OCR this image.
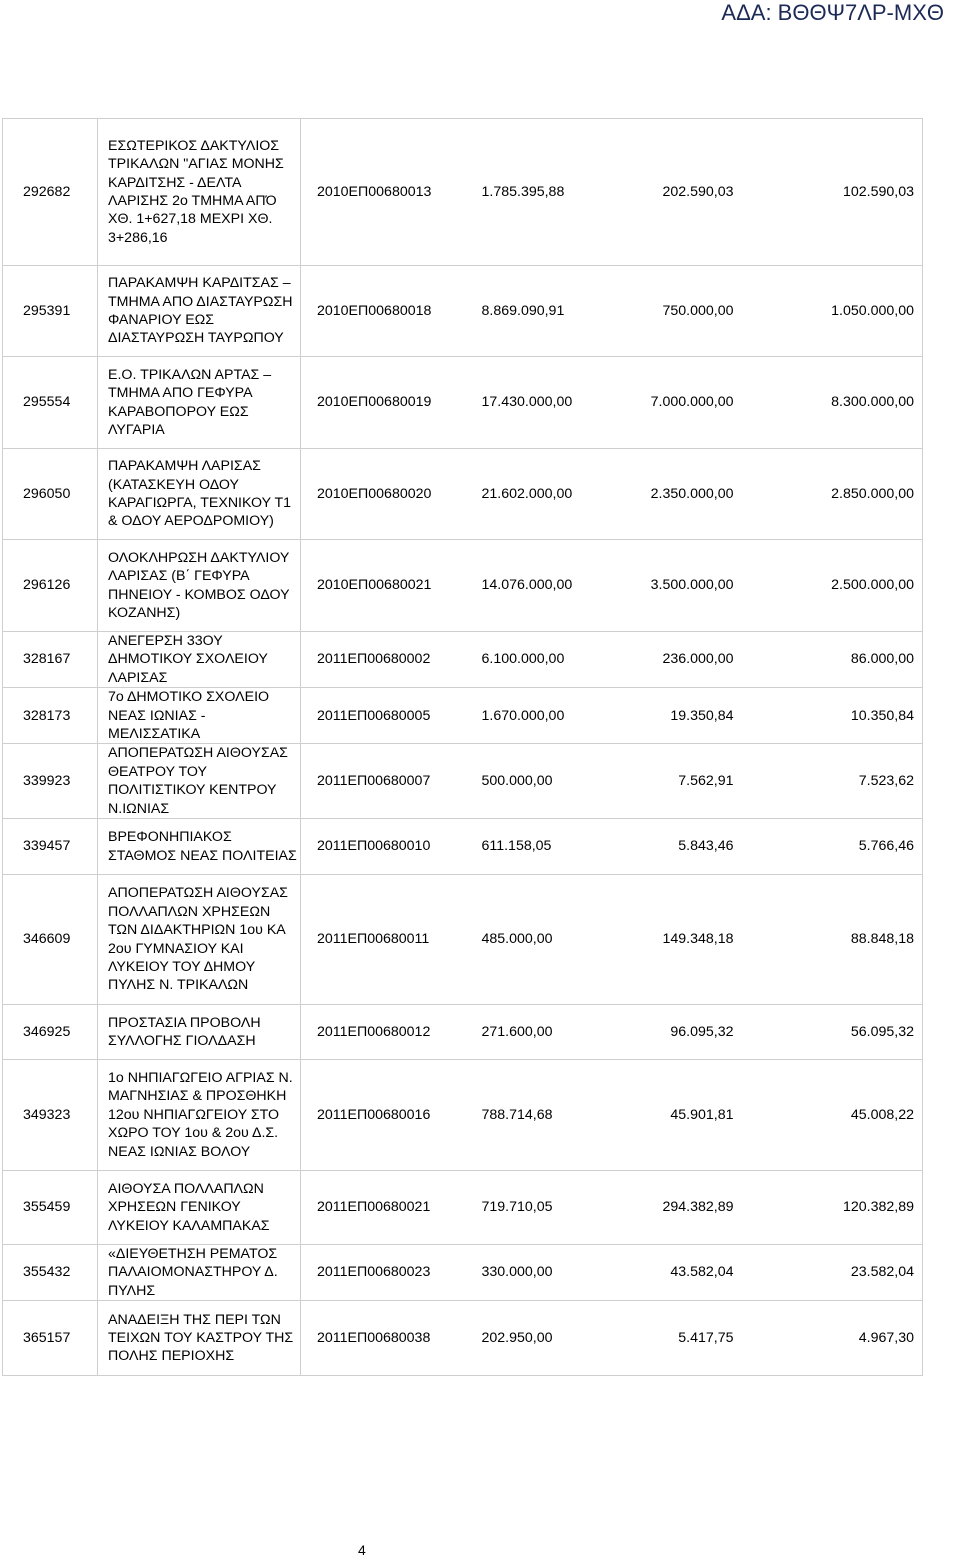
ΑΔΑ: ΒΘΘΨ7ΛΡ-ΜΧΘ
292682	ΕΣΩΤΕΡΙΚΟΣ ΔΑΚΤΥΛΙΟΣ ΤΡΙΚΑΛΩΝ "ΑΓΙΑΣ ΜΟΝΗΣ ΚΑΡΔΙΤΣΗΣ - ΔΕΛΤΑ ΛΑΡΙΣΗΣ 2ο ΤΜΗΜΑ ΑΠΌ ΧΘ. 1+627,18 ΜΕΧΡΙ ΧΘ. 3+286,16	2010ΕΠ00680013	1.785.395,88	202.590,03	102.590,03
295391	ΠΑΡΑΚΑΜΨΗ ΚΑΡΔΙΤΣΑΣ – ΤΜΗΜΑ ΑΠΟ ΔΙΑΣΤΑΥΡΩΣΗ ΦΑΝΑΡΙΟΥ ΕΩΣ ΔΙΑΣΤΑΥΡΩΣΗ ΤΑΥΡΩΠΟΥ	2010ΕΠ00680018	8.869.090,91	750.000,00	1.050.000,00
295554	Ε.Ο. ΤΡΙΚΑΛΩΝ ΑΡΤΑΣ – ΤΜΗΜΑ ΑΠΟ ΓΕΦΥΡΑ ΚΑΡΑΒΟΠΟΡΟΥ ΕΩΣ ΛΥΓΑΡΙΑ	2010ΕΠ00680019	17.430.000,00	7.000.000,00	8.300.000,00
296050	ΠΑΡΑΚΑΜΨΗ ΛΑΡΙΣΑΣ (ΚΑΤΑΣΚΕΥΗ ΟΔΟΥ ΚΑΡΑΓΙΩΡΓΑ, ΤΕΧΝΙΚΟΥ Τ1 & ΟΔΟΥ ΑΕΡΟΔΡΟΜΙΟΥ)	2010ΕΠ00680020	21.602.000,00	2.350.000,00	2.850.000,00
296126	ΟΛΟΚΛΗΡΩΣΗ ΔΑΚΤΥΛΙΟΥ ΛΑΡΙΣΑΣ (Β΄ ΓΕΦΥΡΑ ΠΗΝΕΙΟΥ - ΚΟΜΒΟΣ ΟΔΟΥ ΚΟΖΑΝΗΣ)	2010ΕΠ00680021	14.076.000,00	3.500.000,00	2.500.000,00
328167	ΑΝΕΓΕΡΣΗ 33ΟΥ ΔΗΜΟΤΙΚΟΥ ΣΧΟΛΕΙΟΥ ΛΑΡΙΣΑΣ	2011ΕΠ00680002	6.100.000,00	236.000,00	86.000,00
328173	7ο ΔΗΜΟΤΙΚΟ ΣΧΟΛΕΙΟ ΝΕΑΣ ΙΩΝΙΑΣ - ΜΕΛΙΣΣΑΤΙΚΑ	2011ΕΠ00680005	1.670.000,00	19.350,84	10.350,84
339923	ΑΠΟΠΕΡΑΤΩΣΗ ΑΙΘΟΥΣΑΣ ΘΕΑΤΡΟΥ ΤΟΥ ΠΟΛΙΤΙΣΤΙΚΟΥ ΚΕΝΤΡΟΥ Ν.ΙΩΝΙΑΣ	2011ΕΠ00680007	500.000,00	7.562,91	7.523,62
339457	ΒΡΕΦΟΝΗΠΙΑΚΟΣ ΣΤΑΘΜΟΣ ΝΕΑΣ ΠΟΛΙΤΕΙΑΣ	2011ΕΠ00680010	611.158,05	5.843,46	5.766,46
346609	ΑΠΟΠΕΡΑΤΩΣΗ ΑΙΘΟΥΣΑΣ ΠΟΛΛΑΠΛΩΝ ΧΡΗΣΕΩΝ ΤΩΝ ΔΙΔΑΚΤΗΡΙΩΝ 1ου ΚΑ 2ου ΓΥΜΝΑΣΙΟΥ ΚΑΙ ΛΥΚΕΙΟΥ ΤΟΥ ΔΗΜΟΥ ΠΥΛΗΣ Ν. ΤΡΙΚΑΛΩΝ	2011ΕΠ00680011	485.000,00	149.348,18	88.848,18
346925	ΠΡΟΣΤΑΣΙΑ ΠΡΟΒΟΛΗ ΣΥΛΛΟΓΗΣ ΓΙΟΛΔΑΣΗ	2011ΕΠ00680012	271.600,00	96.095,32	56.095,32
349323	1ο ΝΗΠΙΑΓΩΓΕΙΟ ΑΓΡΙΑΣ Ν. ΜΑΓΝΗΣΙΑΣ & ΠΡΟΣΘΗΚΗ 12ου ΝΗΠΙΑΓΩΓΕΙΟΥ ΣΤΟ ΧΩΡΟ ΤΟΥ 1ου & 2ου Δ.Σ. ΝΕΑΣ ΙΩΝΙΑΣ ΒΟΛΟΥ	2011ΕΠ00680016	788.714,68	45.901,81	45.008,22
355459	ΑΙΘΟΥΣΑ ΠΟΛΛΑΠΛΩΝ ΧΡΗΣΕΩΝ ΓΕΝΙΚΟΥ ΛΥΚΕΙΟΥ ΚΑΛΑΜΠΑΚΑΣ	2011ΕΠ00680021	719.710,05	294.382,89	120.382,89
355432	«ΔΙΕΥΘΕΤΗΣΗ ΡΕΜΑΤΟΣ ΠΑΛΑΙΟΜΟΝΑΣΤΗΡΟΥ Δ. ΠΥΛΗΣ	2011ΕΠ00680023	330.000,00	43.582,04	23.582,04
365157	ΑΝΑΔΕΙΞΗ ΤΗΣ ΠΕΡΙ ΤΩΝ ΤΕΙΧΩΝ ΤΟΥ ΚΑΣΤΡΟΥ ΤΗΣ ΠΟΛΗΣ ΠΕΡΙΟΧΗΣ	2011ΕΠ00680038	202.950,00	5.417,75	4.967,30
4
